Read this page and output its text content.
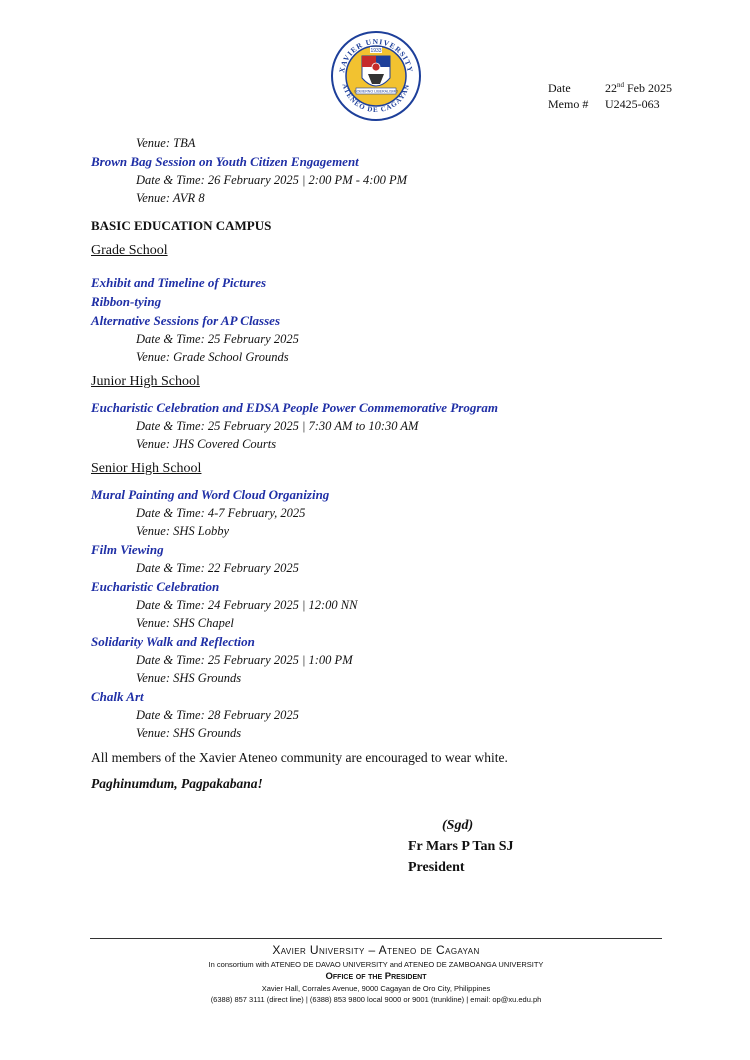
XAVIER UNIVERSITY
ATENEO DE CAGAYAN
1933
GOBIERNO LIBERALISMO	Date	22nd Feb 2025
Memo #	U2425-063
Venue: TBA
Brown Bag Session on Youth Citizen Engagement
Date & Time: 26 February 2025 | 2:00 PM - 4:00 PM
Venue: AVR 8
BASIC EDUCATION CAMPUS
Grade School
Exhibit and Timeline of Pictures
Ribbon-tying
Alternative Sessions for AP Classes
Date & Time: 25 February 2025
Venue: Grade School Grounds
Junior High School
Eucharistic Celebration and EDSA People Power Commemorative Program
Date & Time: 25 February 2025 | 7:30 AM to 10:30 AM
Venue: JHS Covered Courts
Senior High School
Mural Painting and Word Cloud Organizing
Date & Time: 4-7 February, 2025
Venue: SHS Lobby
Film Viewing
Date & Time: 22 February 2025
Eucharistic Celebration
Date & Time: 24 February 2025 | 12:00 NN
Venue: SHS Chapel
Solidarity Walk and Reflection
Date & Time: 25 February 2025 | 1:00 PM
Venue: SHS Grounds
Chalk Art
Date & Time: 28 February 2025
Venue: SHS Grounds
All members of the Xavier Ateneo community are encouraged to wear white.
Paghinumdum, Pagpakabana!
(Sgd)
Fr Mars P Tan SJ
President
Xavier University – Ateneo de Cagayan
In consortium with ATENEO DE DAVAO UNIVERSITY and ATENEO DE ZAMBOANGA UNIVERSITY
Office of the President
Xavier Hall, Corrales Avenue, 9000 Cagayan de Oro City, Philippines
(6388) 857 3111 (direct line) | (6388) 853 9800 local 9000 or 9001 (trunkline) | email: op@xu.edu.ph
